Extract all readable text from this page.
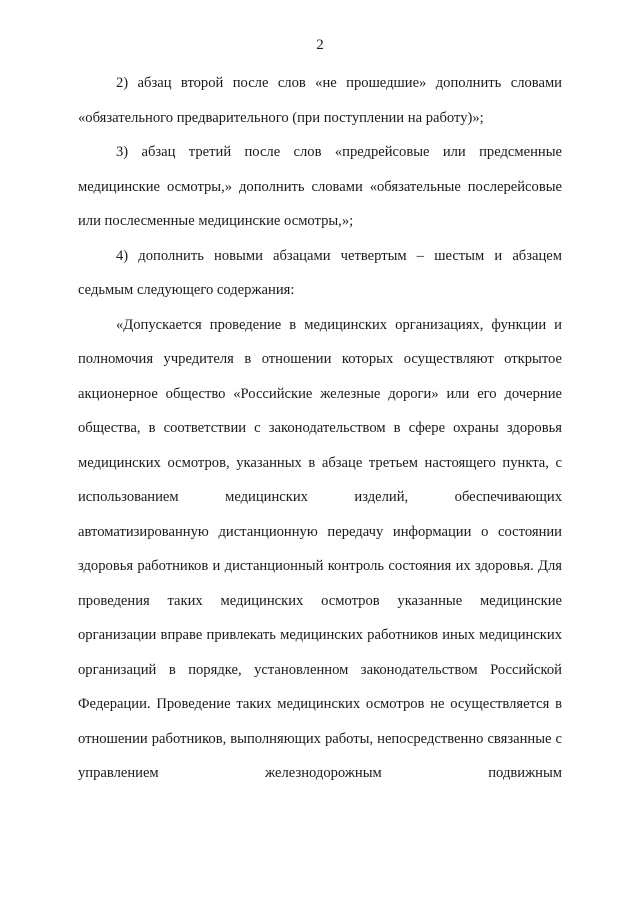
2

2) абзац второй после слов «не прошедшие» дополнить словами «обязательного предварительного (при поступлении на работу)»;

3) абзац третий после слов «предрейсовые или предсменные медицинские осмотры,» дополнить словами «обязательные послерейсовые или послесменные медицинские осмотры,»;

4) дополнить новыми абзацами четвертым – шестым и абзацем седьмым следующего содержания:

«Допускается проведение в медицинских организациях, функции и полномочия учредителя в отношении которых осуществляют открытое акционерное общество «Российские железные дороги» или его дочерние общества, в соответствии с законодательством в сфере охраны здоровья медицинских осмотров, указанных в абзаце третьем настоящего пункта, с использованием медицинских изделий, обеспечивающих автоматизированную дистанционную передачу информации о состоянии здоровья работников и дистанционный контроль состояния их здоровья. Для проведения таких медицинских осмотров указанные медицинские организации вправе привлекать медицинских работников иных медицинских организаций в порядке, установленном законодательством Российской Федерации. Проведение таких медицинских осмотров не осуществляется в отношении работников, выполняющих работы, непосредственно связанные с управлением железнодорожным подвижным
